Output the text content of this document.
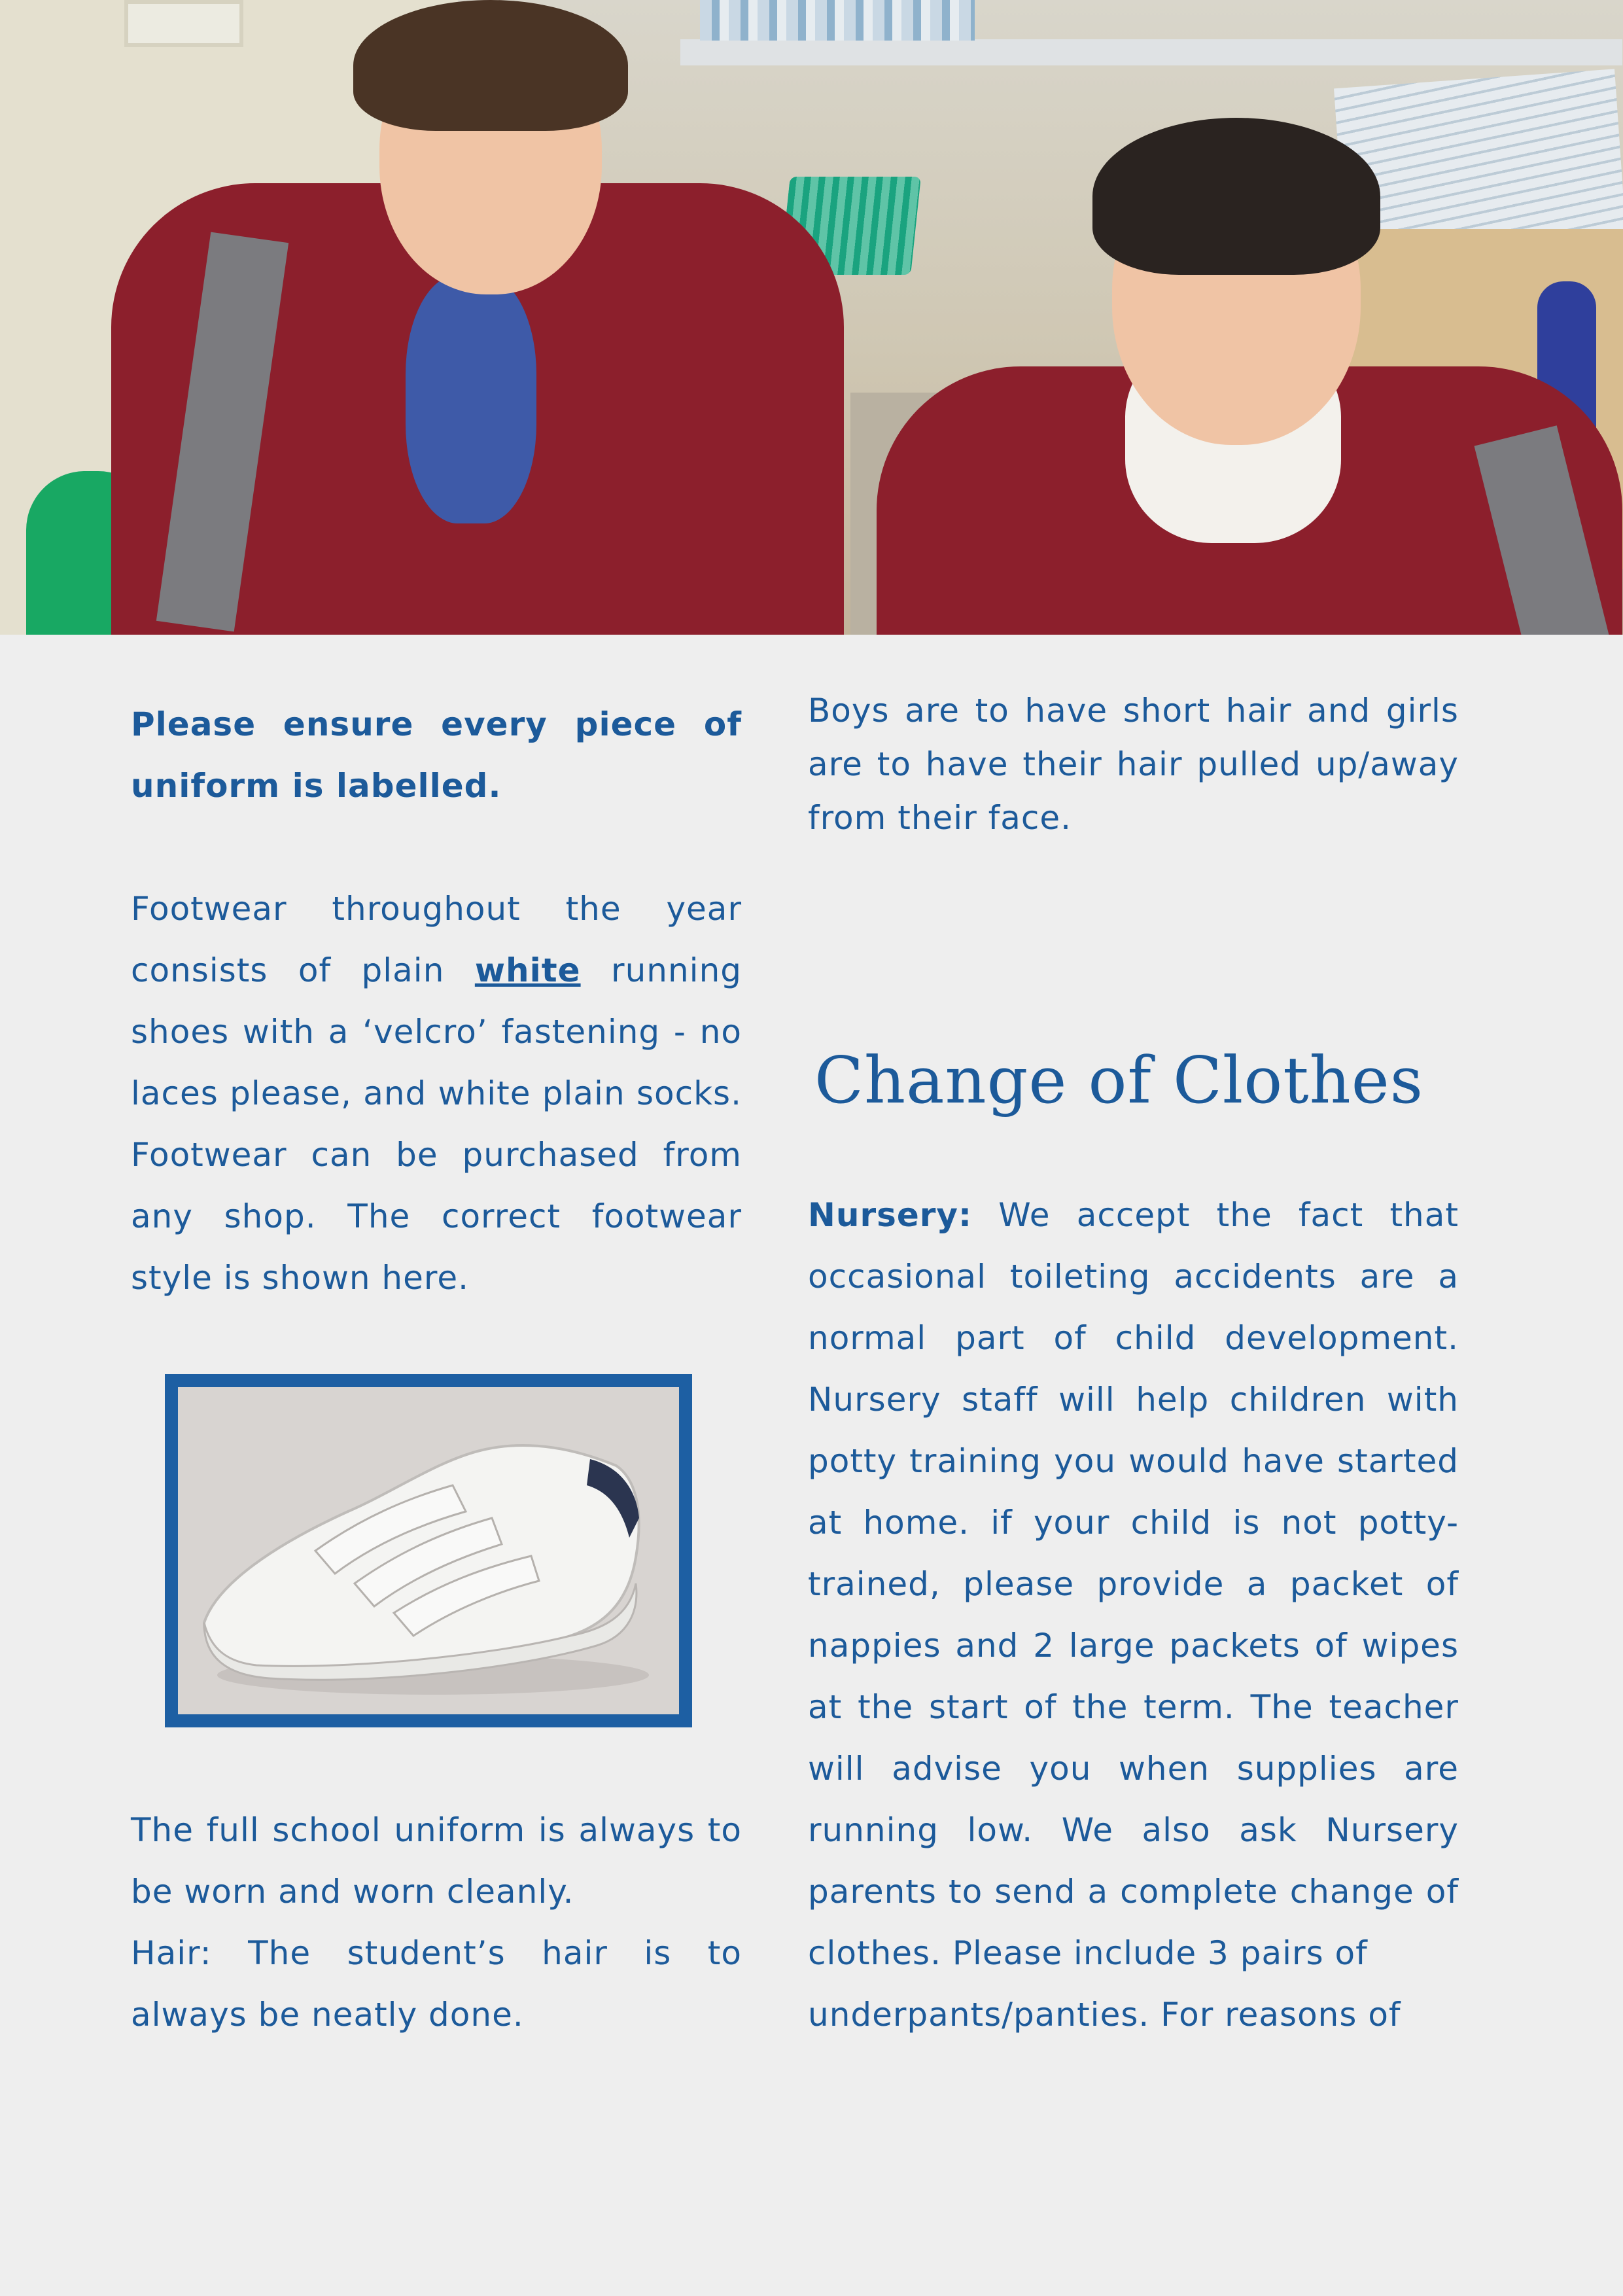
Please ensure every piece of uniform is labelled.

Footwear throughout the year consists of plain white running shoes with a ‘velcro’ fastening - no laces please, and white plain socks. Footwear can be purchased from any shop. The correct footwear style is shown here.

The full school uniform is always to be worn and worn cleanly.

Hair: The student’s hair is to always be neatly done.

Boys are to have short hair and girls are to have their hair pulled up/away from their face.

Change of Clothes

Nursery: We accept the fact that occasional toileting accidents are a normal part of child development. Nursery staff will help children with potty training you would have started at home. if your child is not potty-trained, please provide a packet of nappies and 2 large packets of wipes at the start of the term. The teacher will advise you when supplies are running low. We also ask Nursery parents to send a complete change of clothes. Please include 3 pairs of

underpants/panties. For reasons of
